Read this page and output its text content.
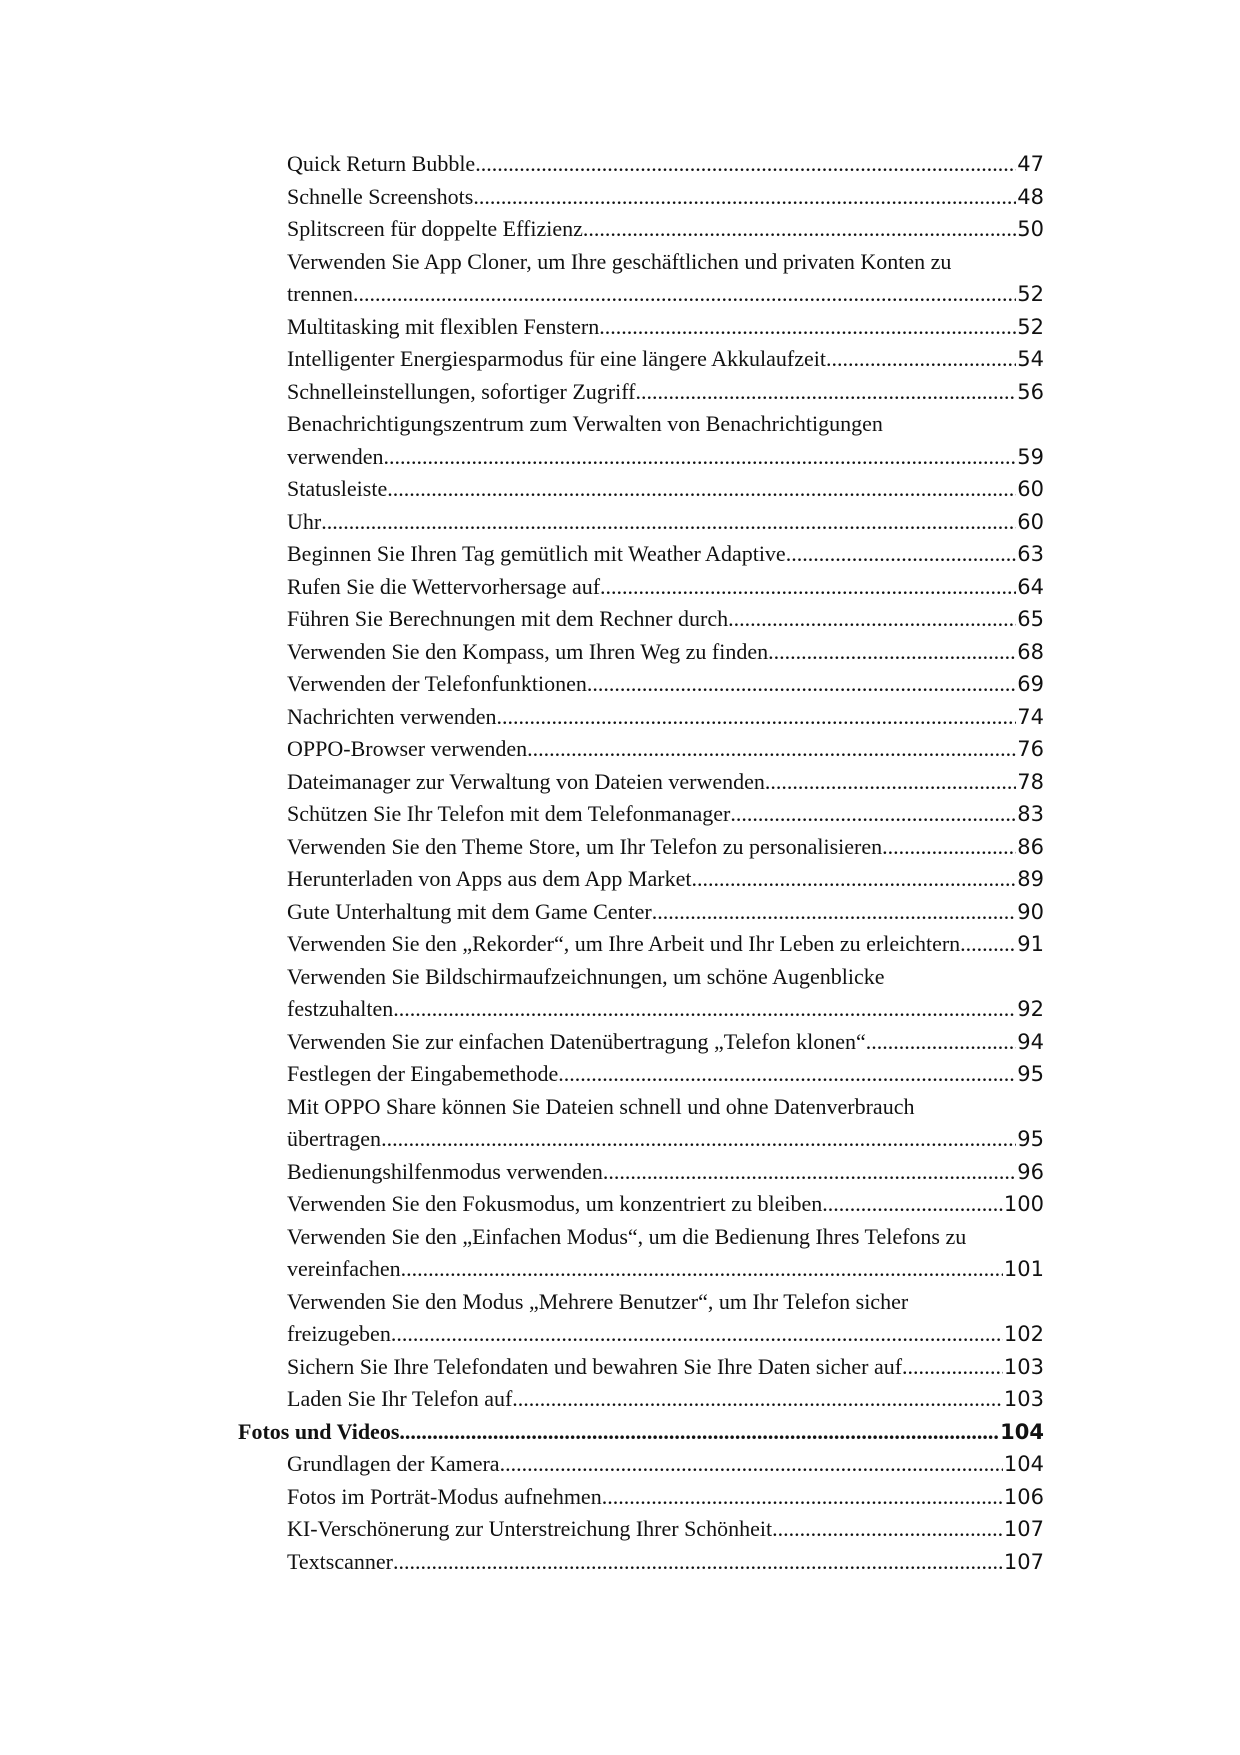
Quick Return Bubble .....	47
Schnelle Screenshots .....	48
Splitscreen für doppelte Effizienz .....	50
Verwenden Sie App Cloner, um Ihre geschäftlichen und privaten Konten zu
trennen .....	52
Multitasking mit flexiblen Fenstern .....	52
Intelligenter Energiesparmodus für eine längere Akkulaufzeit .....	54
Schnelleinstellungen, sofortiger Zugriff .....	56
Benachrichtigungszentrum zum Verwalten von Benachrichtigungen
verwenden .....	59
Statusleiste .....	60
Uhr .....	60
Beginnen Sie Ihren Tag gemütlich mit Weather Adaptive .....	63
Rufen Sie die Wettervorhersage auf .....	64
Führen Sie Berechnungen mit dem Rechner durch .....	65
Verwenden Sie den Kompass, um Ihren Weg zu finden .....	68
Verwenden der Telefonfunktionen .....	69
Nachrichten verwenden .....	74
OPPO-Browser verwenden .....	76
Dateimanager zur Verwaltung von Dateien verwenden .....	78
Schützen Sie Ihr Telefon mit dem Telefonmanager .....	83
Verwenden Sie den Theme Store, um Ihr Telefon zu personalisieren .....	86
Herunterladen von Apps aus dem App Market .....	89
Gute Unterhaltung mit dem Game Center .....	90
Verwenden Sie den „Rekorder“, um Ihre Arbeit und Ihr Leben zu erleichtern .....	91
Verwenden Sie Bildschirmaufzeichnungen, um schöne Augenblicke
festzuhalten .....	92
Verwenden Sie zur einfachen Datenübertragung „Telefon klonen“ .....	94
Festlegen der Eingabemethode .....	95
Mit OPPO Share können Sie Dateien schnell und ohne Datenverbrauch
übertragen .....	95
Bedienungshilfenmodus verwenden .....	96
Verwenden Sie den Fokusmodus, um konzentriert zu bleiben .....	100
Verwenden Sie den „Einfachen Modus“, um die Bedienung Ihres Telefons zu
vereinfachen .....	101
Verwenden Sie den Modus „Mehrere Benutzer“, um Ihr Telefon sicher
freizugeben .....	102
Sichern Sie Ihre Telefondaten und bewahren Sie Ihre Daten sicher auf .....	103
Laden Sie Ihr Telefon auf .....	103
Fotos und Videos .....	104
Grundlagen der Kamera .....	104
Fotos im Porträt-Modus aufnehmen .....	106
KI-Verschönerung zur Unterstreichung Ihrer Schönheit .....	107
Textscanner .....	107
